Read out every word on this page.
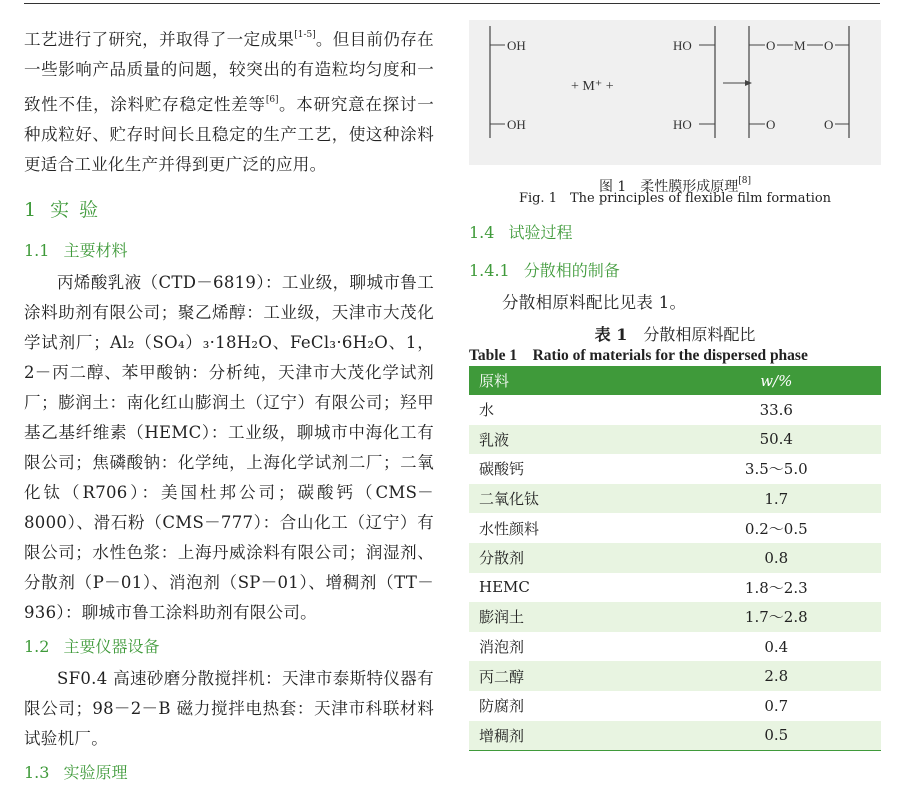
工艺进行了研究，并取得了一定成果[1-5]。但目前仍存在一些影响产品质量的问题，较突出的有造粒均匀度和一致性不佳，涂料贮存稳定性差等[6]。本研究意在探讨一种成粒好、贮存时间长且稳定的生产工艺，使这种涂料更适合工业化生产并得到更广泛的应用。

1 实验
1.1 主要材料

丙烯酸乳液（CTD－6819）：工业级，聊城市鲁工涂料助剂有限公司；聚乙烯醇：工业级，天津市大茂化学试剂厂；Al₂（SO₄）₃·18H₂O、FeCl₃·6H₂O、1，2－丙二醇、苯甲酸钠：分析纯，天津市大茂化学试剂厂；膨润土：南化红山膨润土（辽宁）有限公司；羟甲基乙基纤维素（HEMC）：工业级，聊城市中海化工有限公司；焦磷酸钠：化学纯，上海化学试剂二厂；二氧化钛（R706）：美国杜邦公司；碳酸钙（CMS－8000）、滑石粉（CMS－777）：合山化工（辽宁）有限公司；水性色浆：上海丹威涂料有限公司；润湿剂、分散剂（P－01）、消泡剂（SP－01）、增稠剂（TT－936）：聊城市鲁工涂料助剂有限公司。

1.2 主要仪器设备

SF0.4 高速砂磨分散搅拌机：天津市泰斯特仪器有限公司；98－2－B 磁力搅拌电热套：天津市科联材料试验机厂。

1.3 实验原理
OH
OH
+ M⁺ +
HO
HO
O M O
O	O
图 1　柔性膜形成原理[8]
Fig. 1　The principles of flexible film formation
1.4 试验过程
1.4.1 分散相的制备

分散相原料配比见表 1。

表 1　 分散相原料配比
Table 1　Ratio of materials for the dispersed phase
原料	w/%
水	33.6
乳液	50.4
碳酸钙	3.5～5.0
二氧化钛	1.7
水性颜料	0.2～0.5
分散剂	0.8
HEMC	1.8～2.3
膨润土	1.7～2.8
消泡剂	0.4
丙二醇	2.8
防腐剂	0.7
增稠剂	0.5
